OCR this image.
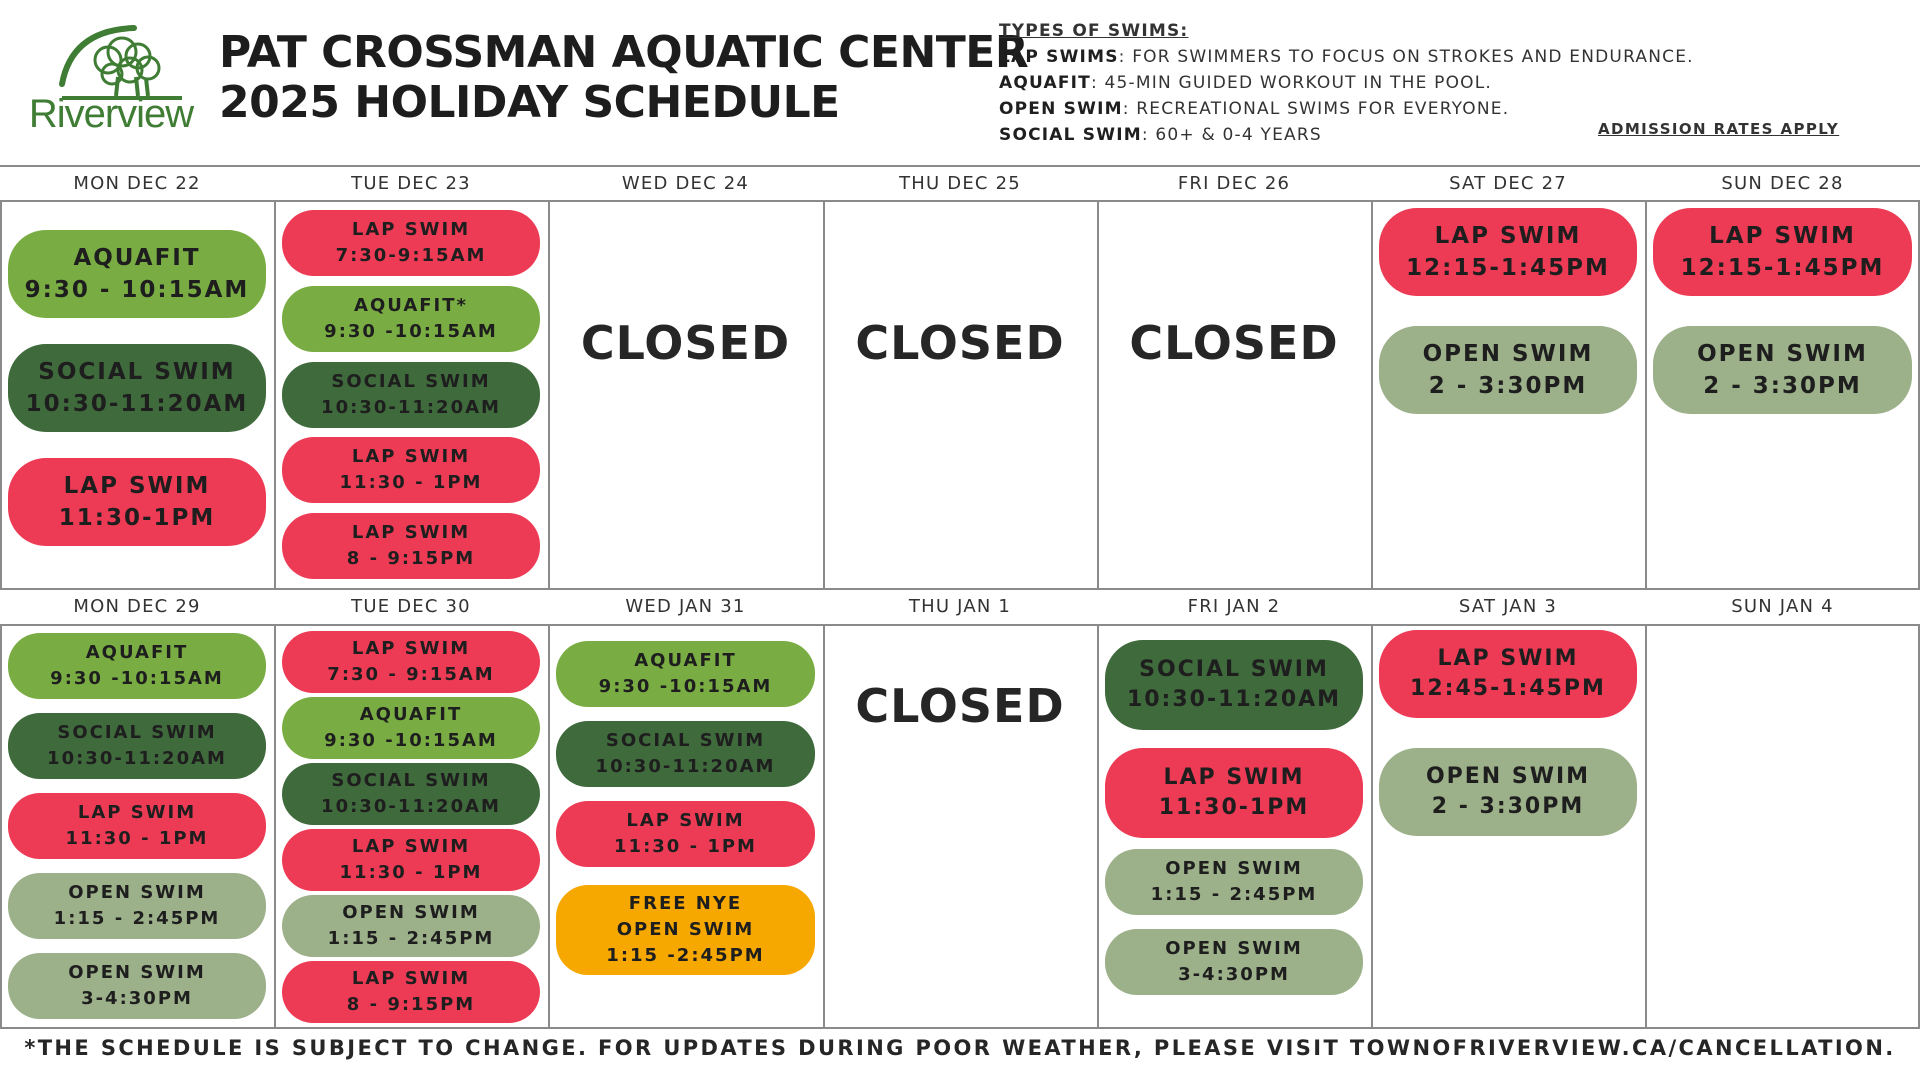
Riverview
PAT CROSSMAN AQUATIC CENTER
2025 HOLIDAY SCHEDULE
TYPES OF SWIMS:
LAP SWIMS: FOR SWIMMERS TO FOCUS ON STROKES AND ENDURANCE.
AQUAFIT: 45-MIN GUIDED WORKOUT IN THE POOL.
OPEN SWIM: RECREATIONAL SWIMS FOR EVERYONE.
SOCIAL SWIM: 60+ & 0-4 YEARS	ADMISSION RATES APPLY
MON DEC 22
AQUAFIT
9:30 - 10:15AM
SOCIAL SWIM
10:30-11:20AM
LAP SWIM
11:30-1PM
TUE DEC 23
LAP SWIM
7:30-9:15AM
AQUAFIT*
9:30 -10:15AM
SOCIAL SWIM
10:30-11:20AM
LAP SWIM
11:30 - 1PM
LAP SWIM
8 - 9:15PM
WED DEC 24
CLOSED
THU DEC 25
CLOSED
FRI DEC 26
CLOSED
SAT DEC 27
LAP SWIM
12:15-1:45PM
OPEN SWIM
2 - 3:30PM
SUN DEC 28
LAP SWIM
12:15-1:45PM
OPEN SWIM
2 - 3:30PM
MON DEC 29
AQUAFIT
9:30 -10:15AM
SOCIAL SWIM
10:30-11:20AM
LAP SWIM
11:30 - 1PM
OPEN SWIM
1:15 - 2:45PM
OPEN SWIM
3-4:30PM
TUE DEC 30
LAP SWIM
7:30 - 9:15AM
AQUAFIT
9:30 -10:15AM
SOCIAL SWIM
10:30-11:20AM
LAP SWIM
11:30 - 1PM
OPEN SWIM
1:15 - 2:45PM
LAP SWIM
8 - 9:15PM
WED JAN 31
AQUAFIT
9:30 -10:15AM
SOCIAL SWIM
10:30-11:20AM
LAP SWIM
11:30 - 1PM
FREE NYE
OPEN SWIM
1:15 -2:45PM
THU JAN 1
CLOSED
FRI JAN 2
SOCIAL SWIM
10:30-11:20AM
LAP SWIM
11:30-1PM
OPEN SWIM
1:15 - 2:45PM
OPEN SWIM
3-4:30PM
SAT JAN 3
LAP SWIM
12:45-1:45PM
OPEN SWIM
2 - 3:30PM
SUN JAN 4
*THE SCHEDULE IS SUBJECT TO CHANGE. FOR UPDATES DURING POOR WEATHER, PLEASE VISIT TOWNOFRIVERVIEW.CA/CANCELLATION.
